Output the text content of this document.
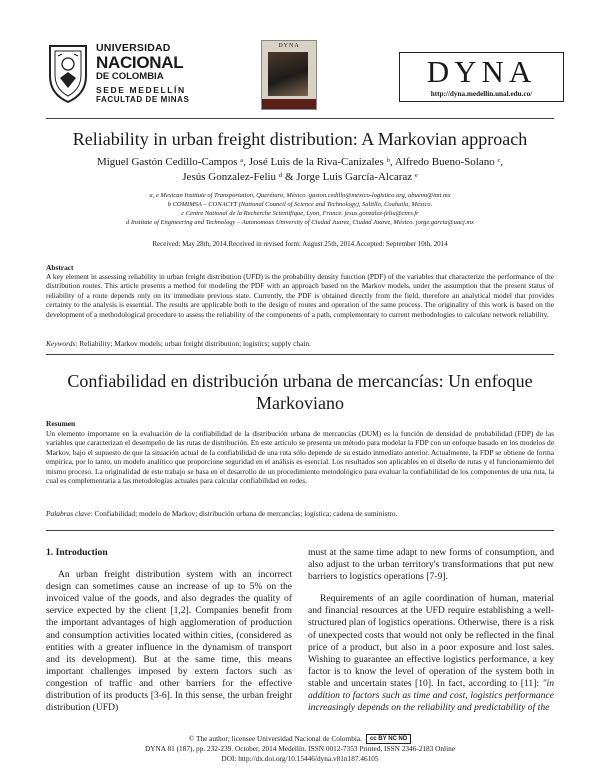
UNIVERSIDAD
NACIONAL
DE COLOMBIA
SEDE MEDELLÍN
FACULTAD DE MINAS
DYNA
DYNA
http://dyna.medellin.unal.edu.co/
Reliability in urban freight distribution: A Markovian approach
Miguel Gastón Cedillo-Campos ᵃ, José Luis de la Riva-Canizales ᵇ, Alfredo Bueno-Solano ᶜ,
Jesús Gonzalez-Feliu ᵈ & Jorge Luis García-Alcaraz ᵉ
a, e Mexican Institute of Transportation, Querétaro, México. gaston.cedillo@mexico-logistico.org, abueno@imt.mx
b COMIMSA – CONACYT (National Council of Science and Technology), Saltillo, Coahuila, México.
c Centre National de la Recherche Scientifique, Lyon, France. jesus.gonzalez-feliu@cnrs.fr
d Institute of Engineering and Technology – Autonomous University of Ciudad Juarez, Ciudad Juarez, México. jorge.garcia@uacj.mx
Received: May 28th, 2014.Received in revised form: August 25th, 2014.Accepted: September 10th, 2014
Abstract
A key element in assessing reliability in urban freight distribution (UFD) is the probability density function (PDF) of the variables that characterize the performance of the distribution routes. This article presents a method for modeling the PDF with an approach based on the Markov models, under the assumption that the present status of reliability of a route depends only on its immediate previous state. Currently, the PDF is obtained directly from the field, therefore an analytical model that provides certainty to the analysis is essential. The results are applicable both to the design of routes and operation of the same process. The originality of this work is based on the development of a methodological procedure to assess the reliability of the components of a path, complementary to current methodologies to calculate network reliability.
Keywords: Reliability; Markov models; urban freight distribution; logistics; supply chain.
Confiabilidad en distribución urbana de mercancías: Un enfoque Markoviano
Resumen
Un elemento importante en la evaluación de la confiabilidad de la distribución urbana de mercancías (DUM) es la función de densidad de probabilidad (FDP) de las variables que caracterizan el desempeño de las rutas de distribución. En este artículo se presenta un método para modelar la FDP con un enfoque basado en los modelos de Markov, bajo el supuesto de que la situación actual de la confiabilidad de una ruta sólo depende de su estado inmediato anterior. Actualmente, la FDP se obtiene de forma empírica, por lo tanto, un modelo analítico que proporcione seguridad en el análisis es esencial. Los resultados son aplicables en el diseño de rutas y el funcionamiento del mismo proceso. La originalidad de este trabajo se basa en el desarrollo de un procedimiento metodológico para evaluar la confiabilidad de los componentes de una ruta, la cual es complementaria a las metodologías actuales para calcular confiabilidad en redes.
Palabras clave: Confiabilidad; modelo de Markov; distribución urbana de mercancías; logística; cadena de suministro.
1. Introduction

An urban freight distribution system with an incorrect design can sometimes cause an increase of up to 5% on the invoiced value of the goods, and also degrades the quality of service expected by the client [1,2]. Companies benefit from the important advantages of high agglomeration of production and consumption activities located within cities, (considered as entities with a greater influence in the dynamism of transport and its development). But at the same time, this means important challenges imposed by extern factors such as congestion of traffic and other barriers for the effective distribution of its products [3-6]. In this sense, the urban freight distribution (UFD)

must at the same time adapt to new forms of consumption, and also adjust to the urban territory's transformations that put new barriers to logistics operations [7-9].

Requirements of an agile coordination of human, material and financial resources at the UFD require establishing a well-structured plan of logistics operations. Otherwise, there is a risk of unexpected costs that would not only be reflected in the final price of a product, but also in a poor exposure and lost sales. Wishing to guarantee an effective logistics performance, a key factor is to know the level of operation of the system both in stable and uncertain states [10]. In fact, according to [11]: "in addition to factors such as time and cost, logistics performance increasingly depends on the reliability and predictability of the

© The author; licensee Universidad Nacional de Colombia. cc BY NC ND
DYNA 81 (187), pp. 232-239. October, 2014 Medellín. ISSN 0012-7353 Printed, ISSN 2346-2183 Online
DOI: http://dx.doi.org/10.15446/dyna.v81n187.46105
